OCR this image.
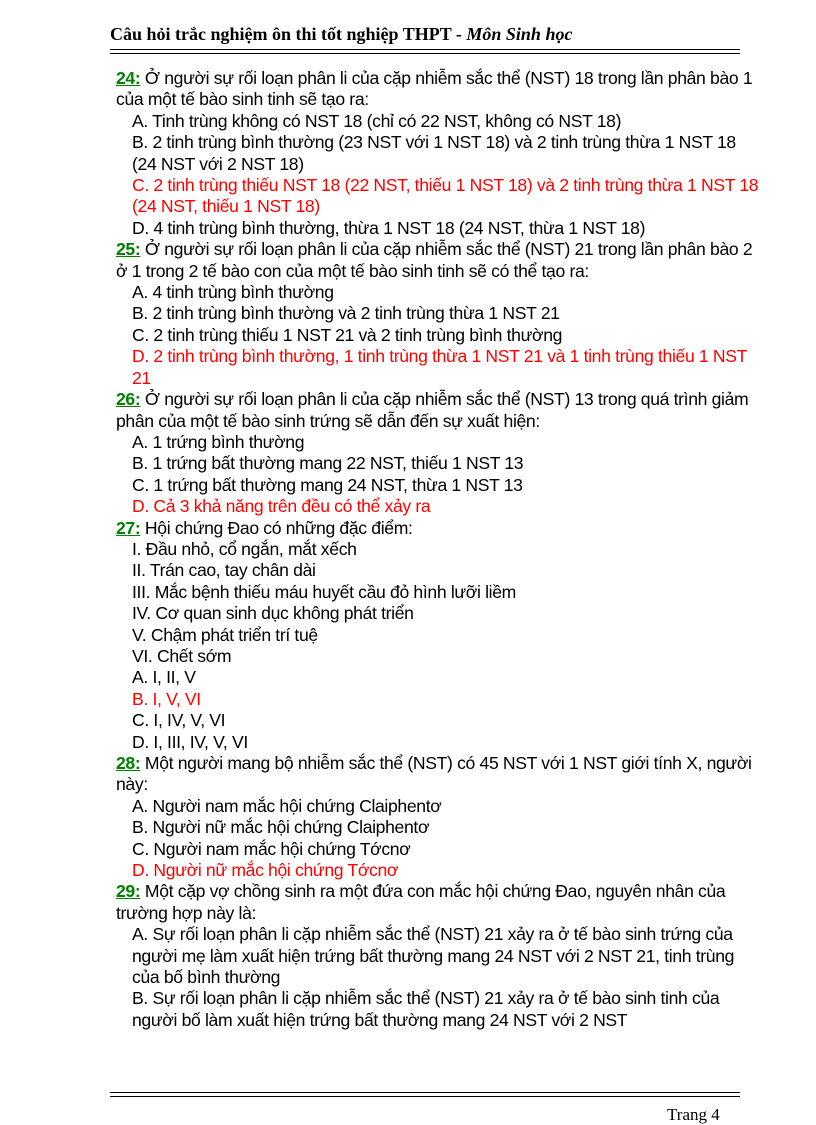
Câu hỏi trắc nghiệm ôn thi tốt nghiệp THPT - Môn Sinh học

24: Ở người sự rối loạn phân li của cặp nhiễm sắc thể (NST) 18 trong lần phân bào 1 của một tế bào sinh tinh sẽ tạo ra:

A. Tinh trùng không có NST 18 (chỉ có 22 NST, không có NST 18)

B. 2 tinh trùng bình thường (23 NST với 1 NST 18) và 2 tinh trùng thừa 1 NST 18 (24 NST với 2 NST 18)

C. 2 tinh trùng thiếu NST 18 (22 NST, thiếu 1 NST 18) và 2 tinh trùng thừa 1 NST 18 (24 NST, thiếu 1 NST 18)

D. 4 tinh trùng bình thường, thừa 1 NST 18 (24 NST, thừa 1 NST 18)

25: Ở người sự rối loạn phân li của cặp nhiễm sắc thể (NST) 21 trong lần phân bào 2 ở 1 trong 2 tế bào con của một tế bào sinh tinh sẽ có thể tạo ra:

A. 4 tinh trùng bình thường

B. 2 tinh trùng bình thường và 2 tinh trùng thừa 1 NST 21

C. 2 tinh trùng thiếu 1 NST 21 và 2 tinh trùng bình thường

D. 2 tinh trùng bình thường, 1 tinh trùng thừa 1 NST 21 và 1 tinh trùng thiếu 1 NST 21

26: Ở người sự rối loạn phân li của cặp nhiễm sắc thể (NST) 13 trong quá trình giảm phân của một tế bào sinh trứng sẽ dẫn đến sự xuất hiện:

A. 1 trứng bình thường

B. 1 trứng bất thường mang 22 NST, thiếu 1 NST 13

C. 1 trứng bất thường mang 24 NST, thừa 1 NST 13

D. Cả 3 khả năng trên đều có thể xảy ra

27: Hội chứng Đao có những đặc điểm:

I. Đầu nhỏ, cổ ngắn, mắt xếch

II. Trán cao, tay chân dài

III. Mắc bệnh thiếu máu huyết cầu đỏ hình lưỡi liềm

IV. Cơ quan sinh dục không phát triển

V. Chậm phát triển trí tuệ

VI. Chết sớm

A. I, II, V

B. I, V, VI

C. I, IV, V, VI

D. I, III, IV, V, VI

28: Một người mang bộ nhiễm sắc thể (NST) có 45 NST với 1 NST giới tính X, người này:

A. Người nam mắc hội chứng Claiphentơ

B. Người nữ mắc hội chứng Claiphentơ

C. Người nam mắc hội chứng Tớcnơ

D. Người nữ mắc hội chứng Tớcnơ

29: Một cặp vợ chồng sinh ra một đứa con mắc hội chứng Đao, nguyên nhân của trường hợp này là:

A. Sự rối loạn phân li cặp nhiễm sắc thể (NST) 21 xảy ra ở tế bào sinh trứng của người mẹ làm xuất hiện trứng bất thường mang 24 NST với 2 NST 21, tinh trùng của bố bình thường

B. Sự rối loạn phân li cặp nhiễm sắc thể (NST) 21 xảy ra ở tế bào sinh tinh của người bố làm xuất hiện trứng bất thường mang 24 NST với 2 NST

Trang 4
